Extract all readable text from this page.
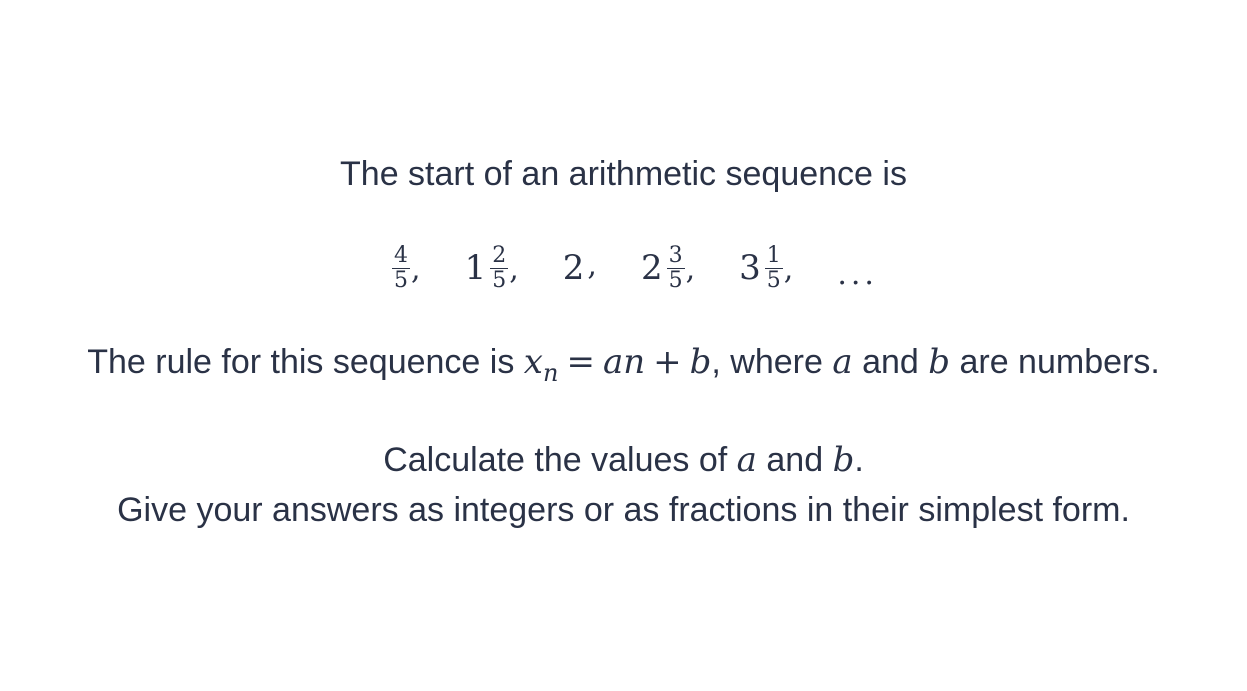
The start of an arithmetic sequence is
$\frac{4}{5}$ , $1 \frac{2}{5}$ , 2 , $2 \frac{3}{5}$ , $3 \frac{1}{5}$ , ...
The rule for this sequence is $x_n$ = an + b, where a and b are numbers.
Calculate the values of a and b.
Give your answers as integers or as fractions in their simplest form.
